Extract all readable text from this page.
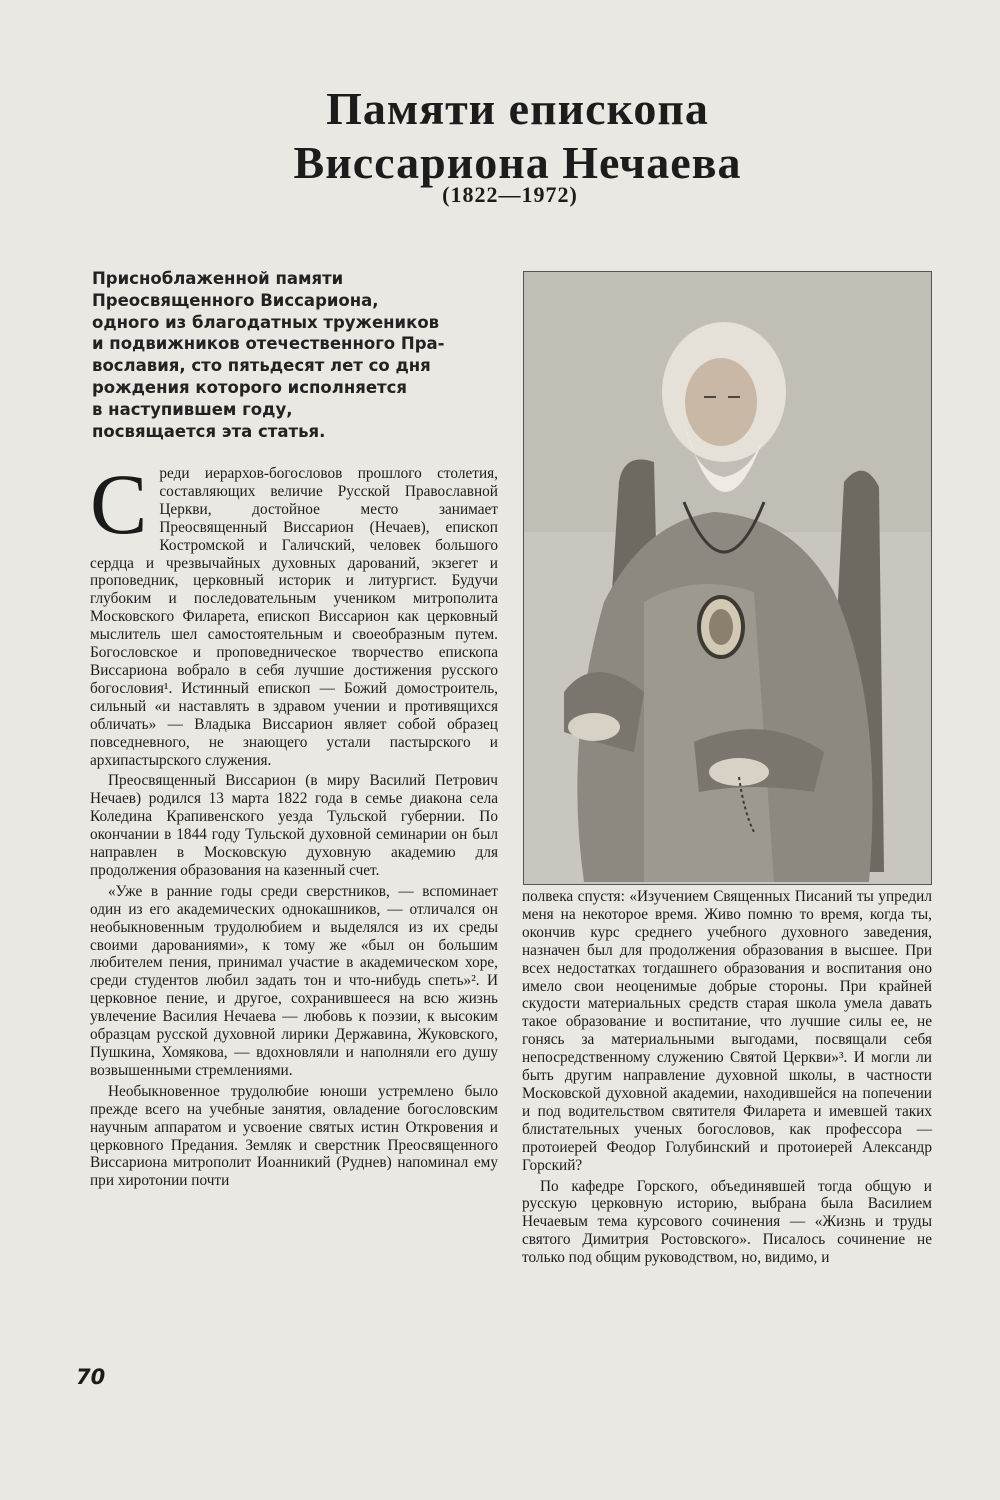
Памяти епископа
Виссариона Нечаева
(1822—1972)
Приснoблаженной памяти
Преосвященного Виссариона,
одного из благодатных тружеников
и подвижников отечественного Пра-
вославия, сто пятьдесят лет со дня
рождения которого исполняется
в наступившем году,
посвящается эта статья.
С реди иерархов-богословов прошлого столетия, составляющих величие Русской Православной Церкви, достойное место занимает Преосвященный Виссарион (Нечаев), епископ Костромской и Галичский, человек большого сердца и чрезвычайных духовных дарований, экзегет и проповедник, церковный историк и литургист. Будучи глубоким и последовательным учеником митрополита Московского Филарета, епископ Виссарион как церковный мыслитель шел самостоятельным и своеобразным путем. Богословское и проповедническое творчество епископа Виссариона вобрало в себя лучшие достижения русского богословия¹. Истинный епископ — Божий домостроитель, сильный «и наставлять в здравом учении и противящихся обличать» — Владыка Виссарион являет собой образец повседневного, не знающего устали пастырского и архипастырского служения.

Преосвященный Виссарион (в миру Василий Петрович Нечаев) родился 13 марта 1822 года в семье диакона села Коледина Крапивенского уезда Тульской губернии. По окончании в 1844 году Тульской духовной семинарии он был направлен в Московскую духовную академию для продолжения образования на казенный счет.

«Уже в ранние годы среди сверстников, — вспоминает один из его академических однокашников, — отличался он необыкновенным трудолюбием и выделялся из их среды своими дарованиями», к тому же «был он большим любителем пения, принимал участие в академическом хоре, среди студентов любил задать тон и что-нибудь спеть»². И церковное пение, и другое, сохранившееся на всю жизнь увлечение Василия Нечаева — любовь к поэзии, к высоким образцам русской духовной лирики Державина, Жуковского, Пушкина, Хомякова, — вдохновляли и наполняли его душу возвышенными стремлениями.

Необыкновенное трудолюбие юноши устремлено было прежде всего на учебные занятия, овладение богословским научным аппаратом и усвоение святых истин Откровения и церковного Предания. Земляк и сверстник Преосвященного Виссариона митрополит Иоанникий (Руднев) напоминал ему при хиротонии почти

полвека спустя: «Изучением Священных Писаний ты упредил меня на некоторое время. Живо помню то время, когда ты, окончив курс среднего учебного духовного заведения, назначен был для продолжения образования в высшее. При всех недостатках тогдашнего образования и воспитания оно имело свои неоценимые добрые стороны. При крайней скудости материальных средств старая школа умела давать такое образование и воспитание, что лучшие силы ее, не гонясь за материальными выгодами, посвящали себя непосредственному служению Святой Церкви»³. И могли ли быть другим направление духовной школы, в частности Московской духовной академии, находившейся на попечении и под водительством святителя Филарета и имевшей таких блистательных ученых богословов, как профессора — протоиерей Феодор Голубинский и протоиерей Александр Горский?

По кафедре Горского, объединявшей тогда общую и русскую церковную историю, выбрана была Василием Нечаевым тема курсового сочинения — «Жизнь и труды святого Димитрия Ростовского». Писалось сочинение не только под общим руководством, но, видимо, и

70
